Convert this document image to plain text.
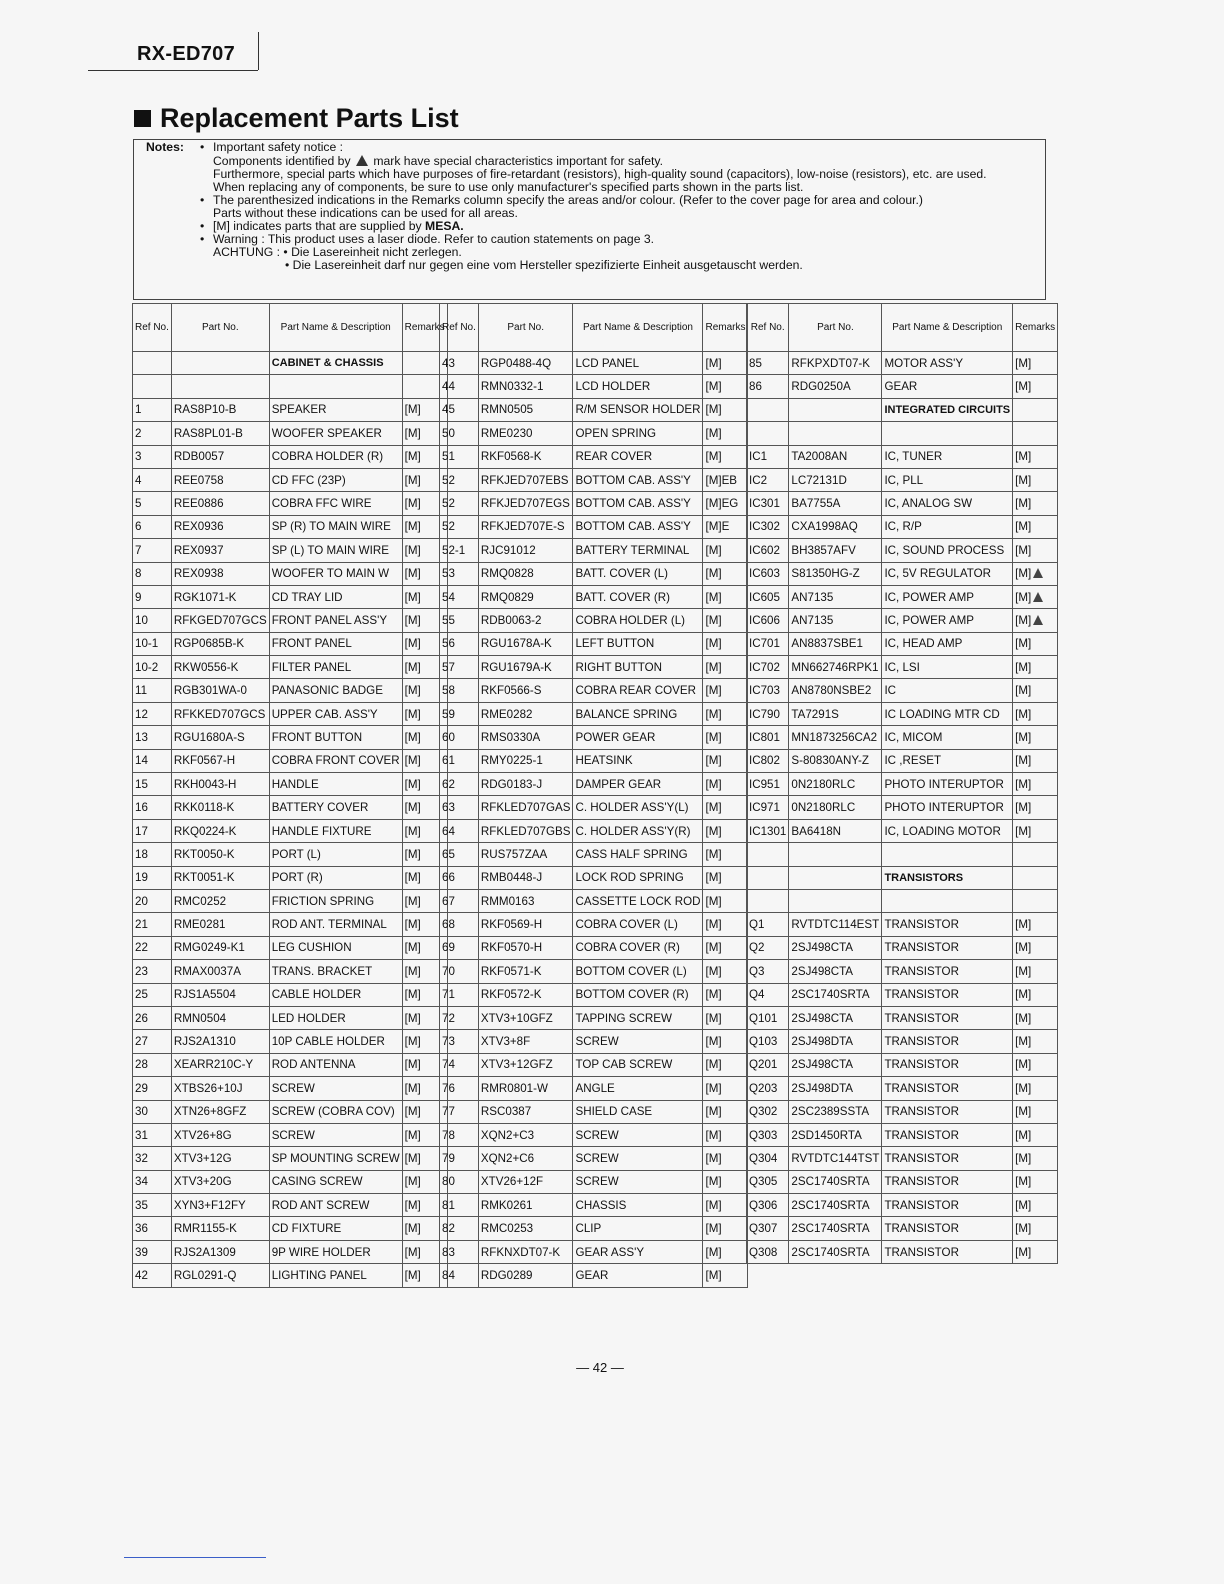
RX-ED707
Replacement Parts List
Notes: • Important safety notice :
Components identified by mark have special characteristics important for safety.
Furthermore, special parts which have purposes of fire-retardant (resistors), high-quality sound (capacitors), low-noise (resistors), etc. are used.
When replacing any of components, be sure to use only manufacturer's specified parts shown in the parts list.
• The parenthesized indications in the Remarks column specify the areas and/or colour. (Refer to the cover page for area and colour.)
Parts without these indications can be used for all areas.
• [M] indicates parts that are supplied by MESA.
• Warning : This product uses a laser diode. Refer to caution statements on page 3.
ACHTUNG : • Die Lasereinheit nicht zerlegen.
• Die Lasereinheit darf nur gegen eine vom Hersteller spezifizierte Einheit ausgetauscht werden.
Ref No.	Part No.	Part Name & Description	Remarks
		CABINET & CHASSIS	

1	RAS8P10-B	SPEAKER	[M]
2	RAS8PL01-B	WOOFER SPEAKER	[M]
3	RDB0057	COBRA HOLDER (R)	[M]
4	REE0758	CD FFC (23P)	[M]
5	REE0886	COBRA FFC WIRE	[M]
6	REX0936	SP (R) TO MAIN WIRE	[M]
7	REX0937	SP (L) TO MAIN WIRE	[M]
8	REX0938	WOOFER TO MAIN W	[M]
9	RGK1071-K	CD TRAY LID	[M]
10	RFKGED707GCS	FRONT PANEL ASS'Y	[M]
10-1	RGP0685B-K	FRONT PANEL	[M]
10-2	RKW0556-K	FILTER PANEL	[M]
11	RGB301WA-0	PANASONIC BADGE	[M]
12	RFKKED707GCS	UPPER CAB. ASS'Y	[M]
13	RGU1680A-S	FRONT BUTTON	[M]
14	RKF0567-H	COBRA FRONT COVER	[M]
15	RKH0043-H	HANDLE	[M]
16	RKK0118-K	BATTERY COVER	[M]
17	RKQ0224-K	HANDLE FIXTURE	[M]
18	RKT0050-K	PORT (L)	[M]
19	RKT0051-K	PORT (R)	[M]
20	RMC0252	FRICTION SPRING	[M]
21	RME0281	ROD ANT. TERMINAL	[M]
22	RMG0249-K1	LEG CUSHION	[M]
23	RMAX0037A	TRANS. BRACKET	[M]
25	RJS1A5504	CABLE HOLDER	[M]
26	RMN0504	LED HOLDER	[M]
27	RJS2A1310	10P CABLE HOLDER	[M]
28	XEARR210C-Y	ROD ANTENNA	[M]
29	XTBS26+10J	SCREW	[M]
30	XTN26+8GFZ	SCREW (COBRA COV)	[M]
31	XTV26+8G	SCREW	[M]
32	XTV3+12G	SP MOUNTING SCREW	[M]
34	XTV3+20G	CASING SCREW	[M]
35	XYN3+F12FY	ROD ANT SCREW	[M]
36	RMR1155-K	CD FIXTURE	[M]
39	RJS2A1309	9P WIRE HOLDER	[M]
42	RGL0291-Q	LIGHTING PANEL	[M]
Ref No.	Part No.	Part Name & Description	Remarks
43	RGP0488-4Q	LCD PANEL	[M]
44	RMN0332-1	LCD HOLDER	[M]
45	RMN0505	R/M SENSOR HOLDER	[M]
50	RME0230	OPEN SPRING	[M]
51	RKF0568-K	REAR COVER	[M]
52	RFKJED707EBS	BOTTOM CAB. ASS'Y	[M]EB
52	RFKJED707EGS	BOTTOM CAB. ASS'Y	[M]EG
52	RFKJED707E-S	BOTTOM CAB. ASS'Y	[M]E
52-1	RJC91012	BATTERY TERMINAL	[M]
53	RMQ0828	BATT. COVER (L)	[M]
54	RMQ0829	BATT. COVER (R)	[M]
55	RDB0063-2	COBRA HOLDER (L)	[M]
56	RGU1678A-K	LEFT BUTTON	[M]
57	RGU1679A-K	RIGHT BUTTON	[M]
58	RKF0566-S	COBRA REAR COVER	[M]
59	RME0282	BALANCE SPRING	[M]
60	RMS0330A	POWER GEAR	[M]
61	RMY0225-1	HEATSINK	[M]
62	RDG0183-J	DAMPER GEAR	[M]
63	RFKLED707GAS	C. HOLDER ASS'Y(L)	[M]
64	RFKLED707GBS	C. HOLDER ASS'Y(R)	[M]
65	RUS757ZAA	CASS HALF SPRING	[M]
66	RMB0448-J	LOCK ROD SPRING	[M]
67	RMM0163	CASSETTE LOCK ROD	[M]
68	RKF0569-H	COBRA COVER (L)	[M]
69	RKF0570-H	COBRA COVER (R)	[M]
70	RKF0571-K	BOTTOM COVER (L)	[M]
71	RKF0572-K	BOTTOM COVER (R)	[M]
72	XTV3+10GFZ	TAPPING SCREW	[M]
73	XTV3+8F	SCREW	[M]
74	XTV3+12GFZ	TOP CAB SCREW	[M]
76	RMR0801-W	ANGLE	[M]
77	RSC0387	SHIELD CASE	[M]
78	XQN2+C3	SCREW	[M]
79	XQN2+C6	SCREW	[M]
80	XTV26+12F	SCREW	[M]
81	RMK0261	CHASSIS	[M]
82	RMC0253	CLIP	[M]
83	RFKNXDT07-K	GEAR ASS'Y	[M]
84	RDG0289	GEAR	[M]
Ref No.	Part No.	Part Name & Description	Remarks
85	RFKPXDT07-K	MOTOR ASS'Y	[M]
86	RDG0250A	GEAR	[M]
		INTEGRATED CIRCUITS	

IC1	TA2008AN	IC, TUNER	[M]
IC2	LC72131D	IC, PLL	[M]
IC301	BA7755A	IC, ANALOG SW	[M]
IC302	CXA1998AQ	IC, R/P	[M]
IC602	BH3857AFV	IC, SOUND PROCESS	[M]
IC603	S81350HG-Z	IC, 5V REGULATOR	[M]
IC605	AN7135	IC, POWER AMP	[M]
IC606	AN7135	IC, POWER AMP	[M]
IC701	AN8837SBE1	IC, HEAD AMP	[M]
IC702	MN662746RPK1	IC, LSI	[M]
IC703	AN8780NSBE2	IC	[M]
IC790	TA7291S	IC LOADING MTR CD	[M]
IC801	MN1873256CA2	IC, MICOM	[M]
IC802	S-80830ANY-Z	IC ,RESET	[M]
IC951	0N2180RLC	PHOTO INTERUPTOR	[M]
IC971	0N2180RLC	PHOTO INTERUPTOR	[M]
IC1301	BA6418N	IC, LOADING MOTOR	[M]

		TRANSISTORS	

Q1	RVTDTC114EST	TRANSISTOR	[M]
Q2	2SJ498CTA	TRANSISTOR	[M]
Q3	2SJ498CTA	TRANSISTOR	[M]
Q4	2SC1740SRTA	TRANSISTOR	[M]
Q101	2SJ498CTA	TRANSISTOR	[M]
Q103	2SJ498DTA	TRANSISTOR	[M]
Q201	2SJ498CTA	TRANSISTOR	[M]
Q203	2SJ498DTA	TRANSISTOR	[M]
Q302	2SC2389SSTA	TRANSISTOR	[M]
Q303	2SD1450RTA	TRANSISTOR	[M]
Q304	RVTDTC144TST	TRANSISTOR	[M]
Q305	2SC1740SRTA	TRANSISTOR	[M]
Q306	2SC1740SRTA	TRANSISTOR	[M]
Q307	2SC1740SRTA	TRANSISTOR	[M]
Q308	2SC1740SRTA	TRANSISTOR	[M]
— 42 —
